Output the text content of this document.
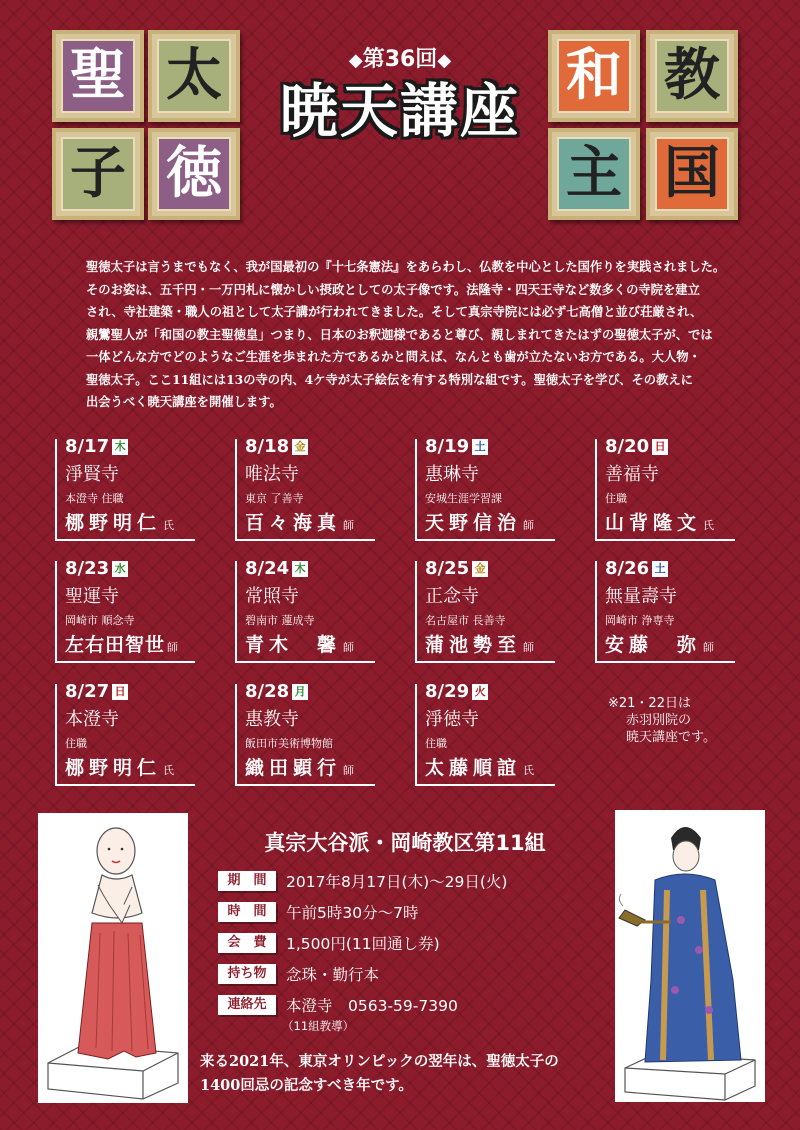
聖 太
子 徳
和 教
主 国
◆第36回◆
暁天講座

聖徳太子は言うまでもなく、我が国最初の『十七条憲法』をあらわし、仏教を中心とした国作りを実践されました。

そのお姿は、五千円・一万円札に懐かしい摂政としての太子像です。法隆寺・四天王寺など数多くの寺院を建立

され、寺社建築・職人の祖として太子講が行われてきました。そして真宗寺院には必ず七高僧と並び荘厳され、

親鸞聖人が「和国の教主聖徳皇」つまり、日本のお釈迦様であると尊び、親しまれてきたはずの聖徳太子が、では

一体どんな方でどのようなご生涯を歩まれた方であるかと問えば、なんとも歯が立たないお方である。大人物・

聖徳太子。ここ11組には13の寺の内、4ケ寺が太子絵伝を有する特別な組です。聖徳太子を学び、その教えに

出会うべく暁天講座を開催します。

8/17 木
淨賢寺
本澄寺 住職
梛野明仁 氏
8/18 金
唯法寺
東京 了善寺
百々海真 師
8/19 土
惠琳寺
安城生涯学習課
天野信治 師
8/20 日
善福寺
住職
山背隆文 氏
8/23 水
聖運寺
岡崎市 順念寺
左右田智世 師
8/24 木
常照寺
碧南市 蓮成寺
青木　馨 師
8/25 金
正念寺
名古屋市 長善寺
蒲池勢至 師
8/26 土
無量壽寺
岡崎市 浄専寺
安藤　弥 師
8/27 日
本澄寺
住職
梛野明仁 氏
8/28 月
惠教寺
飯田市美術博物館
織田顕行 師
8/29 火
淨徳寺
住職
太藤順誼 氏

※21・22日は

赤羽別院の

暁天講座です。

真宗大谷派・岡崎教区第11組
期　間	2017年8月17日(木)～29日(火)
時　間	午前5時30分～7時
会　費	1,500円(11回通し券)
持ち物	念珠・勤行本
連絡先	本澄寺　0563-59-7390
（11組教導）

来る2021年、東京オリンピックの翌年は、聖徳太子の

1400回忌の記念すべき年です。
